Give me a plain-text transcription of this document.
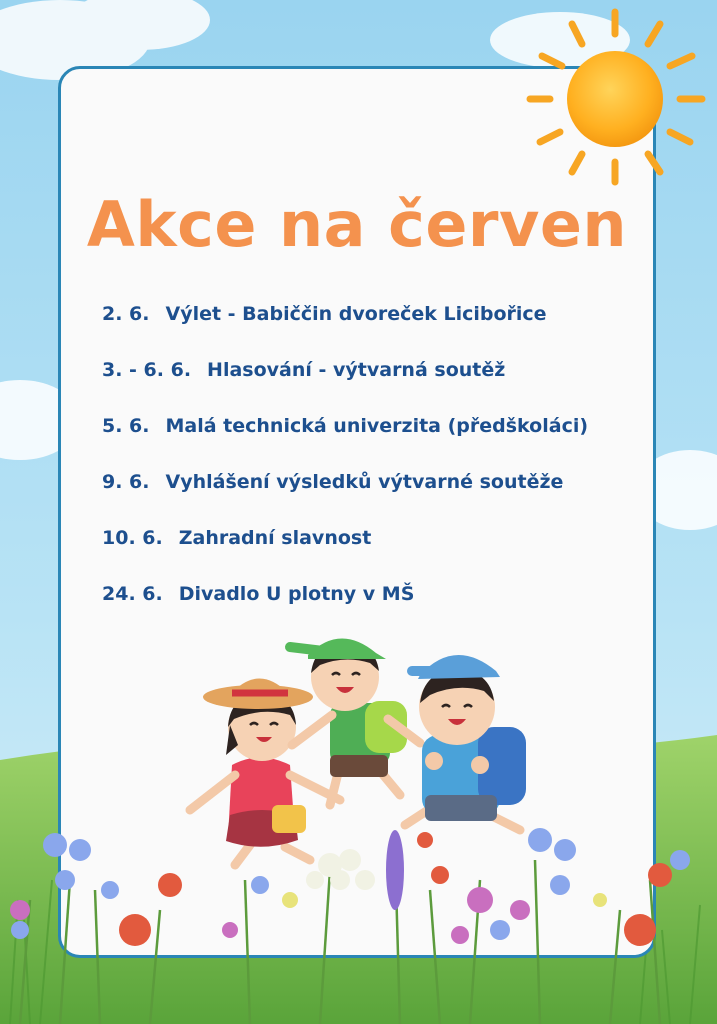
Akce na červen
2. 6. Výlet - Babiččin dvoreček Licibořice
3. - 6. 6. Hlasování - výtvarná soutěž
5. 6. Malá technická univerzita (předškoláci)
9. 6. Vyhlášení výsledků výtvarné soutěže
10. 6. Zahradní slavnost
24. 6. Divadlo U plotny v MŠ
